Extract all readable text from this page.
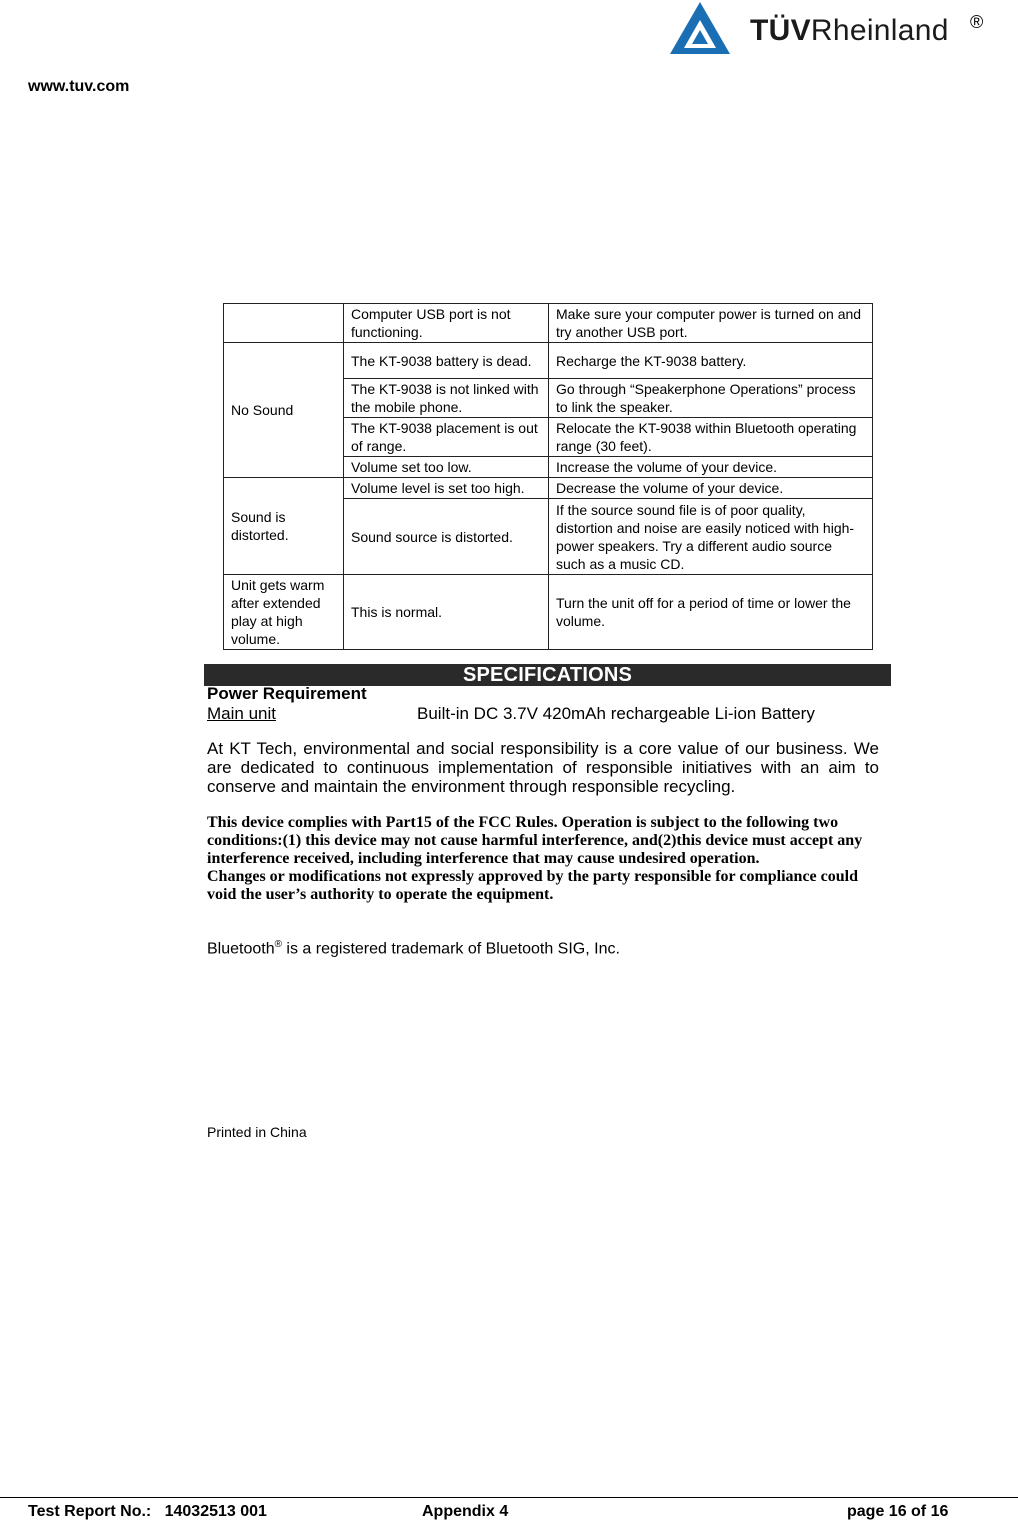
www.tuv.com
TÜVRheinland ®
	Computer USB port is not functioning.	Make sure your computer power is turned on and try another USB port.
No Sound	The KT-9038 battery is dead.	Recharge the KT-9038 battery.
	The KT-9038 is not linked with the mobile phone.	Go through “Speakerphone Operations” process to link the speaker.
	The KT-9038 placement is out of range.	Relocate the KT-9038 within Bluetooth operating range (30 feet).
	Volume set too low.	Increase the volume of your device.
Sound is distorted.	Volume level is set too high.	Decrease the volume of your device.
	Sound source is distorted.	If the source sound file is of poor quality, distortion and noise are easily noticed with high-power speakers. Try a different audio source such as a music CD.
Unit gets warm after extended play at high volume.	This is normal.	Turn the unit off for a period of time or lower the volume.
SPECIFICATIONS
Power Requirement
Main unit	Built-in DC 3.7V 420mAh rechargeable Li-ion Battery
At KT Tech, environmental and social responsibility is a core value of our business. We are dedicated to continuous implementation of responsible initiatives with an aim to conserve and maintain the environment through responsible recycling.
This device complies with Part15 of the FCC Rules. Operation is subject to the following two conditions:(1) this device may not cause harmful interference, and(2)this device must accept any interference received, including interference that may cause undesired operation.
Changes or modifications not expressly approved by the party responsible for compliance could void the user’s authority to operate the equipment.
Bluetooth® is a registered trademark of Bluetooth SIG, Inc.
Printed in China
Test Report No.:   14032513 001	Appendix 4	page 16 of 16
